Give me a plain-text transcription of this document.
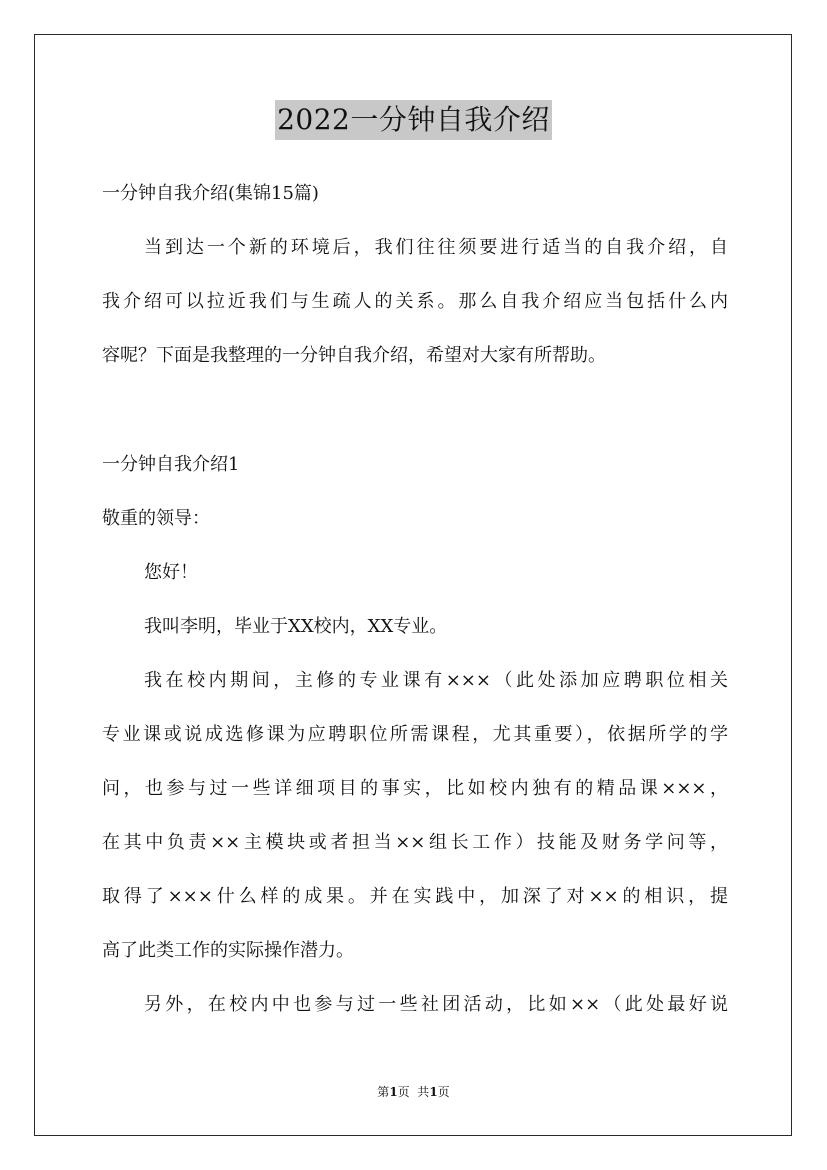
2022一分钟自我介绍
一分钟自我介绍(集锦15篇)
当到达一个新的环境后，我们往往须要进行适当的自我介绍，自
我介绍可以拉近我们与生疏人的关系。那么自我介绍应当包括什么内
容呢？下面是我整理的一分钟自我介绍，希望对大家有所帮助。
一分钟自我介绍1
敬重的领导：
您好！
我叫李明，毕业于XX校内，XX专业。
我在校内期间，主修的专业课有×××（此处添加应聘职位相关
专业课或说成选修课为应聘职位所需课程，尤其重要），依据所学的学
问，也参与过一些详细项目的事实，比如校内独有的精品课×××，
在其中负责××主模块或者担当××组长工作）技能及财务学问等，
取得了×××什么样的成果。并在实践中，加深了对××的相识，提
高了此类工作的实际操作潜力。
另外，在校内中也参与过一些社团活动，比如××（此处最好说
第1页  共1页
